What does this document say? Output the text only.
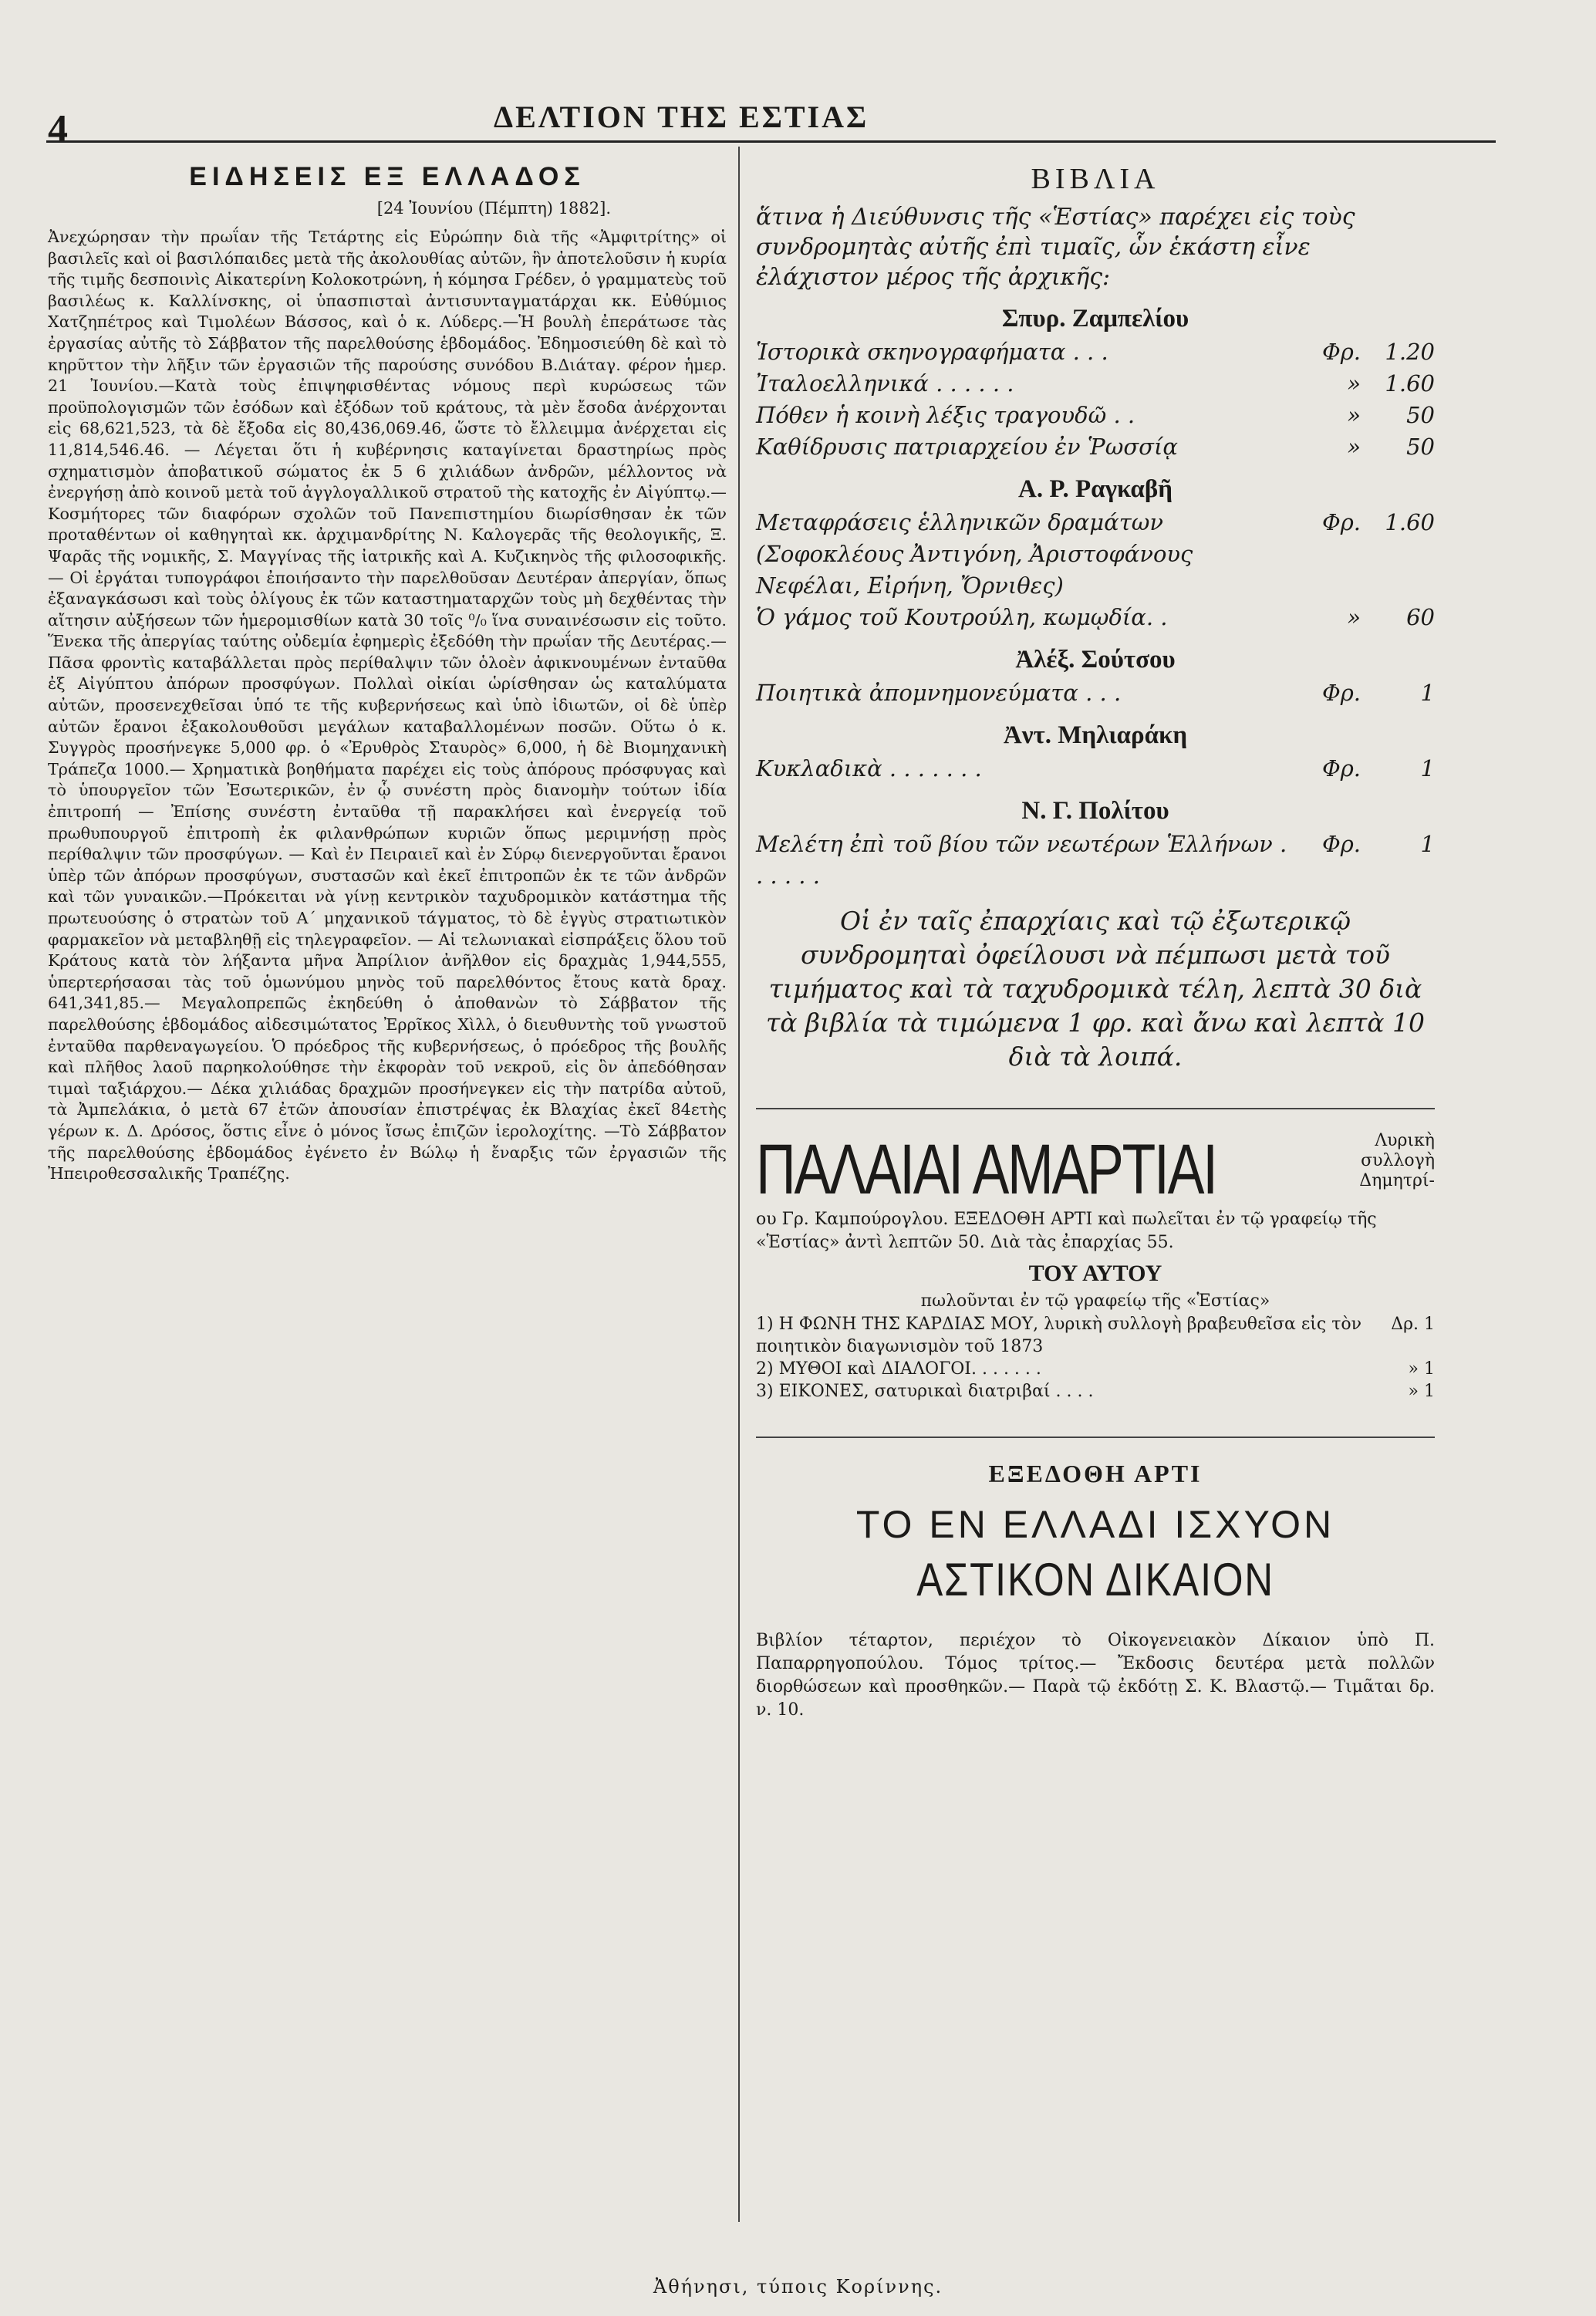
4	ΔΕΛΤΙΟΝ ΤΗΣ ΕΣΤΙΑΣ
ΕΙΔΗΣΕΙΣ ΕΞ ΕΛΛΑΔΟΣ
[24 Ἰουνίου (Πέμπτη) 1882].
Ἀνεχώρησαν τὴν πρωΐαν τῆς Τετάρτης εἰς Εὐρώπην διὰ τῆς «Ἀμφιτρίτης» οἱ βασιλεῖς καὶ οἱ βασιλόπαιδες μετὰ τῆς ἀκολουθίας αὐτῶν, ἣν ἀποτελοῦσιν ἡ κυρία τῆς τιμῆς δεσποινὶς Αἰκατερίνη Κολοκοτρώνη, ἡ κόμησα Γρέδεν, ὁ γραμματεὺς τοῦ βασιλέως κ. Καλλίνσκης, οἱ ὑπασπισταὶ ἀντισυνταγματάρχαι κκ. Εὐθύμιος Χατζηπέτρος καὶ Τιμολέων Βάσσος, καὶ ὁ κ. Λύδερς.—Ἡ βουλὴ ἐπεράτωσε τὰς ἐργασίας αὐτῆς τὸ Σάββατον τῆς παρελθούσης ἑβδομάδος. Ἐδημοσιεύθη δὲ καὶ τὸ κηρῦττον τὴν λῆξιν τῶν ἐργασιῶν τῆς παρούσης συνόδου Β.Διάταγ. φέρον ἡμερ. 21 Ἰουνίου.—Κατὰ τοὺς ἐπιψηφισθέντας νόμους περὶ κυρώσεως τῶν προϋπολογισμῶν τῶν ἐσόδων καὶ ἐξόδων τοῦ κράτους, τὰ μὲν ἔσοδα ἀνέρχονται εἰς 68,621,523, τὰ δὲ ἔξοδα εἰς 80,436,069.46, ὥστε τὸ ἔλλειμμα ἀνέρχεται εἰς 11,814,546.46. — Λέγεται ὅτι ἡ κυβέρνησις καταγίνεται δραστηρίως πρὸς σχηματισμὸν ἀποβατικοῦ σώματος ἐκ 5 6 χιλιάδων ἀνδρῶν, μέλλοντος νὰ ἐνεργήσῃ ἀπὸ κοινοῦ μετὰ τοῦ ἀγγλογαλλικοῦ στρατοῦ τὴς κατοχῆς ἐν Αἰγύπτῳ.—Κοσμήτορες τῶν διαφόρων σχολῶν τοῦ Πανεπιστημίου διωρίσθησαν ἐκ τῶν προταθέντων οἱ καθηγηταὶ κκ. ἀρχιμανδρίτης Ν. Καλογερᾶς τῆς θεολογικῆς, Ξ. Ψαρᾶς τῆς νομικῆς, Σ. Μαγγίνας τῆς ἰατρικῆς καὶ Α. Κυζικηνὸς τῆς φιλοσοφικῆς.— Οἱ ἐργάται τυπογράφοι ἐποιήσαντο τὴν παρελθοῦσαν Δευτέραν ἀπεργίαν, ὅπως ἐξαναγκάσωσι καὶ τοὺς ὀλίγους ἐκ τῶν καταστηματαρχῶν τοὺς μὴ δεχθέντας τὴν αἴτησιν αὐξήσεων τῶν ἡμερομισθίων κατὰ 30 τοῖς ⁰/₀ ἵνα συναινέσωσιν εἰς τοῦτο. Ἕνεκα τῆς ἀπεργίας ταύτης οὐδεμία ἐφημερὶς ἐξεδόθη τὴν πρωΐαν τῆς Δευτέρας.—Πᾶσα φροντὶς καταβάλλεται πρὸς περίθαλψιν τῶν ὁλοὲν ἀφικνουμένων ἐνταῦθα ἐξ Αἰγύπτου ἀπόρων προσφύγων. Πολλαὶ οἰκίαι ὡρίσθησαν ὡς καταλύματα αὐτῶν, προσενεχθεῖσαι ὑπό τε τῆς κυβερνήσεως καὶ ὑπὸ ἰδιωτῶν, οἱ δὲ ὑπὲρ αὐτῶν ἔρανοι ἐξακολουθοῦσι μεγάλων καταβαλλομένων ποσῶν. Οὕτω ὁ κ. Συγγρὸς προσήνεγκε 5,000 φρ. ὁ «Ἐρυθρὸς Σταυρὸς» 6,000, ἡ δὲ Βιομηχανικὴ Τράπεζα 1000.— Χρηματικὰ βοηθήματα παρέχει εἰς τοὺς ἀπόρους πρόσφυγας καὶ τὸ ὑπουργεῖον τῶν Ἐσωτερικῶν, ἐν ᾧ συνέστη πρὸς διανομὴν τούτων ἰδία ἐπιτροπή — Ἐπίσης συνέστη ἐνταῦθα τῇ παρακλήσει καὶ ἐνεργείᾳ τοῦ πρωθυπουργοῦ ἐπιτροπὴ ἐκ φιλανθρώπων κυριῶν ὅπως μεριμνήσῃ πρὸς περίθαλψιν τῶν προσφύγων. — Καὶ ἐν Πειραιεῖ καὶ ἐν Σύρῳ διενεργοῦνται ἔρανοι ὑπὲρ τῶν ἀπόρων προσφύγων, συστασῶν καὶ ἐκεῖ ἐπιτροπῶν ἐκ τε τῶν ἀνδρῶν καὶ τῶν γυναικῶν.—Πρόκειται νὰ γίνῃ κεντρικὸν ταχυδρομικὸν κατάστημα τῆς πρωτευούσης ὁ στρατὼν τοῦ Α´ μηχανικοῦ τάγματος, τὸ δὲ ἐγγὺς στρατιωτικὸν φαρμακεῖον νὰ μεταβληθῇ εἰς τηλεγραφεῖον. — Αἱ τελωνιακαὶ εἰσπράξεις ὅλου τοῦ Κράτους κατὰ τὸν λήξαντα μῆνα Ἀπρίλιον ἀνῆλθον εἰς δραχμὰς 1,944,555, ὑπερτερήσασαι τὰς τοῦ ὁμωνύμου μηνὸς τοῦ παρελθόντος ἔτους κατὰ δραχ. 641,341,85.— Μεγαλοπρεπῶς ἐκηδεύθη ὁ ἀποθανὼν τὸ Σάββατον τῆς παρελθούσης ἑβδομάδος αἰδεσιμώτατος Ἐρρῖκος Χὶλλ, ὁ διευθυντὴς τοῦ γνωστοῦ ἐνταῦθα παρθεναγωγείου. Ὁ πρόεδρος τῆς κυβερνήσεως, ὁ πρόεδρος τῆς βουλῆς καὶ πλῆθος λαοῦ παρηκολούθησε τὴν ἐκφορὰν τοῦ νεκροῦ, εἰς ὃν ἀπεδόθησαν τιμαὶ ταξιάρχου.— Δέκα χιλιάδας δραχμῶν προσήνεγκεν εἰς τὴν πατρίδα αὐτοῦ, τὰ Ἀμπελάκια, ὁ μετὰ 67 ἐτῶν ἀπουσίαν ἐπιστρέψας ἐκ Βλαχίας ἐκεῖ 84ετὴς γέρων κ. Δ. Δρόσος, ὅστις εἶνε ὁ μόνος ἴσως ἐπιζῶν ἱερολοχίτης. —Τὸ Σάββατον τῆς παρελθούσης ἑβδομάδος ἐγένετο ἐν Βώλῳ ἡ ἔναρξις τῶν ἐργασιῶν τῆς Ἠπειροθεσσαλικῆς Τραπέζης.
ΒΙΒΛΙΑ
ἅτινα ἡ Διεύθυνσις τῆς «Ἑστίας» παρέχει εἰς τοὺς συνδρομητὰς αὐτῆς ἐπὶ τιμαῖς, ὧν ἑκάστη εἶνε ἐλάχιστον μέρος τῆς ἀρχικῆς:
Σπυρ. Ζαμπελίου
Ἱστορικὰ σκηνογραφήματα . . .	Φρ.	1.20
Ἰταλοελληνικά . . . . . .	»	1.60
Πόθεν ἡ κοινὴ λέξις τραγουδῶ . .	»	50
Καθίδρυσις πατριαρχείου ἐν Ῥωσσίᾳ	»	50
Α. Ρ. Ραγκαβῆ
Μεταφράσεις ἑλληνικῶν δραμάτων (Σοφοκλέους Ἀντιγόνη, Ἀριστοφάνους Νεφέλαι, Εἰρήνη, Ὄρνιθες)
Φρ.	1.60
Ὁ γάμος τοῦ Κουτρούλη, κωμῳδία. .	»	60
Ἀλέξ. Σούτσου
Ποιητικὰ ἀπομνημονεύματα . . .	Φρ.	1
Ἀντ. Μηλιαράκη
Κυκλαδικὰ . . . . . . .	Φρ.	1
Ν. Γ. Πολίτου
Μελέτη ἐπὶ τοῦ βίου τῶν νεωτέρων Ἑλλήνων . . . . . .
Φρ.	1
Οἱ ἐν ταῖς ἐπαρχίαις καὶ τῷ ἐξωτερικῷ συνδρομηταὶ ὀφείλουσι νὰ πέμπωσι μετὰ τοῦ τιμήματος καὶ τὰ ταχυδρομικὰ τέλη, λεπτὰ 30 διὰ τὰ βιβλία τὰ τιμώμενα 1 φρ. καὶ ἄνω καὶ λεπτὰ 10 διὰ τὰ λοιπά.
ΠΑΛΑΙΑΙ ΑΜΑΡΤΙΑΙ	Λυρικὴ συλλογὴ Δημητρί-
ου Γρ. Καμπούρογλου. ΕΞΕΔΟΘΗ ΑΡΤΙ καὶ πωλεῖται ἐν τῷ γραφείῳ τῆς «Ἑστίας» ἀντὶ λεπτῶν 50. Διὰ τὰς ἐπαρχίας 55.
ΤΟΥ ΑΥΤΟΥ
πωλοῦνται ἐν τῷ γραφείῳ τῆς «Ἑστίας»
1) Η ΦΩΝΗ ΤΗΣ ΚΑΡΔΙΑΣ ΜΟΥ, λυρικὴ συλλογὴ βραβευθεῖσα εἰς τὸν ποιητικὸν διαγωνισμὸν τοῦ 1873
Δρ. 1
2) ΜΥΘΟΙ καὶ ΔΙΑΛΟΓΟΙ. . . . . . .	» 1
3) ΕΙΚΟΝΕΣ, σατυρικαὶ διατριβαί . . . .	» 1
ΕΞΕΔΟΘΗ ΑΡΤΙ
ΤΟ ΕΝ ΕΛΛΑΔΙ ΙΣΧΥΟΝ
ΑΣΤΙΚΟΝ ΔΙΚΑΙΟΝ
Βιβλίον τέταρτον, περιέχον τὸ Οἰκογενειακὸν Δίκαιον ὑπὸ Π. Παπαρρηγοπούλου. Τόμος τρίτος.— Ἔκδοσις δευτέρα μετὰ πολλῶν διορθώσεων καὶ προσθηκῶν.— Παρὰ τῷ ἐκδότῃ Σ. Κ. Βλαστῷ.— Τιμᾶται δρ. ν. 10.
Ἀθήνησι, τύποις Κορίννης.
